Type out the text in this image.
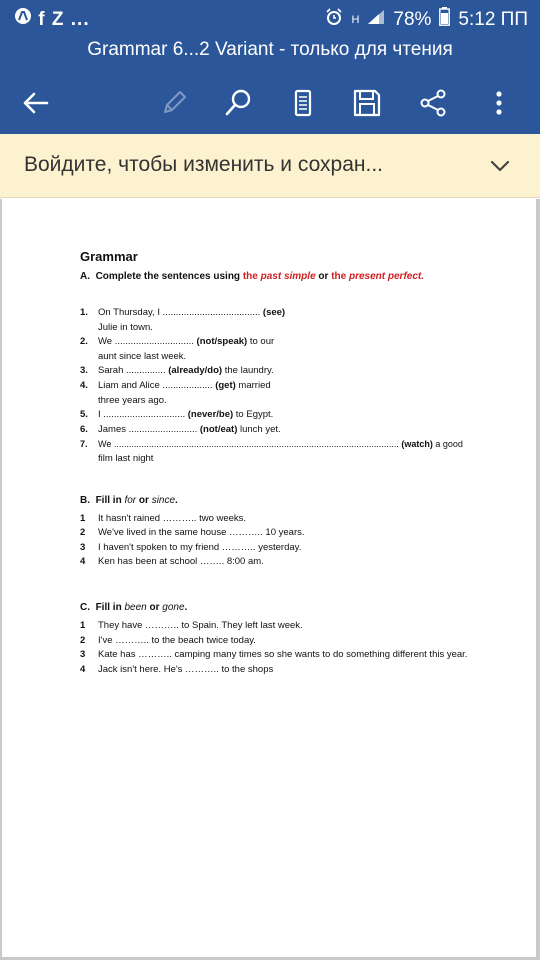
f Z ...	H 78% 5:12 ПП
Grammar 6...2 Variant - только для чтения
Войдите, чтобы изменить и сохран...
Grammar
A. Complete the sentences using the past simple or the present perfect.
1.	On Thursday, I ..................................... (see)
Julie in town.
2.	We .............................. (not/speak) to our
aunt since last week.
3.	Sarah ............... (already/do) the laundry.
4.	Liam and Alice ................... (get) married
three years ago.
5.	I ............................... (never/be) to Egypt.
6.	James .......................... (not/eat) lunch yet.
7.	We .................................................................................................................. (watch) a good
film last night
B. Fill in for or since.
1	It hasn't rained ……….. two weeks.
2	We've lived in the same house ……….. 10 years.
3	I haven't spoken to my friend ……….. yesterday.
4	Ken has been at school …….. 8:00 am.
C. Fill in been or gone.
1	They have ……….. to Spain. They left last week.
2	I've ……….. to the beach twice today.
3	Kate has ……….. camping many times so she wants to do something different this year.
4	Jack isn't here. He's ……….. to the shops
